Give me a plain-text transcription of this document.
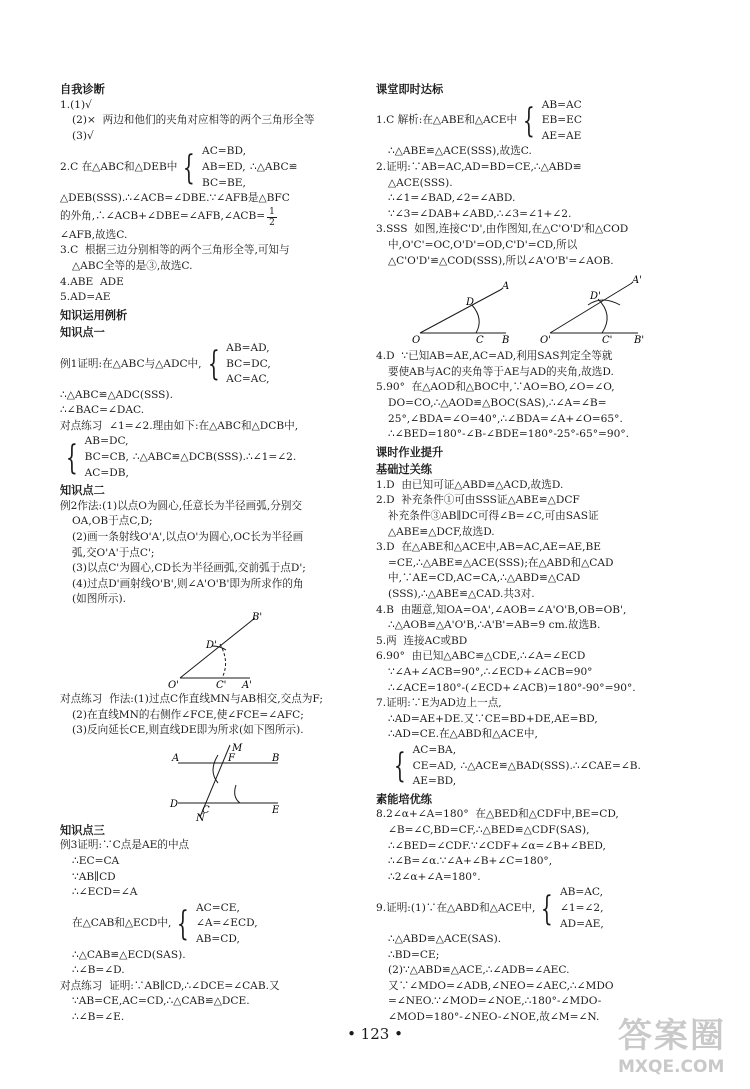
自我诊断
1.(1)√
(2)×  两边和他们的夹角对应相等的两个三角形全等
(3)√
2.C 在△ABC和△DEB中 { AC=BD,
AB=ED,
BC=BE,
∴△ABC≌
△DEB(SSS).∴∠ACB=∠DBE.∵∠AFB是△BFC
的外角,∴∠ACB+∠DBE=∠AFB,∠ACB= $\frac{1}{2}$
∠AFB,故选C.
3.C  根据三边分别相等的两个三角形全等,可知与
△ABC全等的是③,故选C.
4.ABE  ADE
5.AD=AE
知识运用例析
知识点一
例1证明:在△ABC与△ADC中, { AB=AD,
BC=DC,
AC=AC,
∴△ABC≌△ADC(SSS).
∴∠BAC=∠DAC.
对点练习  ∠1=∠2.理由如下:在△ABC和△DCB中,
{ AB=DC,
BC=CB,
AC=DB,
∴△ABC≌△DCB(SSS).∴∠1=∠2.
知识点二
例2作法:(1)以点O为圆心,任意长为半径画弧,分别交
OA,OB于点C,D;
(2)画一条射线O'A',以点O'为圆心,OC长为半径画
弧,交O'A'于点C';
(3)以点C'为圆心,CD长为半径画弧,交前弧于点D';
(4)过点D'画射线O'B',则∠A'O'B'即为所求作的角
(如图所示).
B'
D'
O'	C' A'
对点练习  作法:(1)过点C作直线MN与AB相交,交点为F;
(2)在直线MN的右侧作∠FCE,使∠FCE=∠AFC;
(3)反向延长CE,则直线DE即为所求(如下图所示).
M
A	F	B
D
C	E
N
知识点三
例3证明:∵C点是AE的中点
∴EC=CA
∵AB∥CD
∴∠ECD=∠A
在△CAB和△ECD中, { AC=CE,
∠A=∠ECD,
AB=CD,
∴△CAB≌△ECD(SAS).
∴∠B=∠D.
对点练习  证明:∵AB∥CD,∴∠DCE=∠CAB.又
∵AB=CE,AC=CD,∴△CAB≌△DCE.
∴∠B=∠E.
课堂即时达标
1.C 解析:在△ABE和△ACE中 { AB=AC
EB=EC
AE=AE
∴△ABE≌△ACE(SSS),故选C.
2.证明:∵AB=AC,AD=BD=CE,∴△ABD≌
△ACE(SSS).
∴∠1=∠BAD,∠2=∠ABD.
∵∠3=∠DAB+∠ABD,∴∠3=∠1+∠2.
3.SSS  如图,连接C'D',由作图知,在△C'O'D'和△COD
中,O'C'=OC,O'D'=OD,C'D'=CD,所以
△C'O'D'≌△COD(SSS),所以∠A'O'B'=∠AOB.
A
D
O	C B
A'
D'
O'	C' B'
4.D  ∵已知AB=AE,AC=AD,利用SAS判定全等就
要使AB与AC的夹角等于AE与AD的夹角,故选D.
5.90°  在△AOD和△BOC中,∵AO=BO,∠O=∠O,
DO=CO,∴△AOD≌△BOC(SAS),∴∠A=∠B=
25°,∠BDA=∠O=40°,∴∠BDA=∠A+∠O=65°.
∴∠BED=180°-∠B-∠BDE=180°-25°-65°=90°.
课时作业提升
基础过关练
1.D  由已知可证△ABD≌△ACD,故选D.
2.D  补充条件①可由SSS证△ABE≌△DCF
补充条件③AB∥DC可得∠B=∠C,可由SAS证
△ABE≌△DCF,故选D.
3.D  在△ABE和△ACE中,AB=AC,AE=AE,BE
=CE,∴△ABE≌△ACE(SSS);在△ABD和△CAD
中,∵AE=CD,AC=CA,∴△ABD≌△CAD
(SSS),∴△ABE≌△CAD.共3对.
4.B  由题意,知OA=OA',∠AOB=∠A'O'B,OB=OB',
∴△AOB≌△A'O'B,∴A'B'=AB=9 cm.故选B.
5.两  连接AC或BD
6.90°  由已知△ABC≌△CDE,∴∠A=∠ECD
∵∠A+∠ACB=90°,∴∠ECD+∠ACB=90°
∴∠ACE=180°-(∠ECD+∠ACB)=180°-90°=90°.
7.证明:∵E为AD边上一点,
∴AD=AE+DE.又∵CE=BD+DE,AE=BD,
∴AD=CE.在△ABD和△ACE中,
{ AC=BA,
CE=AD,
AE=BD,
∴△ACE≌△BAD(SSS).∴∠CAE=∠B.
素能培优练
8.2∠α+∠A=180°  在△BED和△CDF中,BE=CD,
∠B=∠C,BD=CF,∴△BED≌△CDF(SAS),
∴∠BED=∠CDF.∵∠CDF+∠α=∠B+∠BED,
∴∠B=∠α.∵∠A+∠B+∠C=180°,
∴2∠α+∠A=180°.
9.证明:(1)∵在△ABD和△ACE中, { AB=AC,
∠1=∠2,
AD=AE,
∴△ABD≌△ACE(SAS).
∴BD=CE;
(2)∵△ABD≌△ACE,∴∠ADB=∠AEC.
又∵∠MDO=∠ADB,∠NEO=∠AEC,∴∠MDO
=∠NEO.∵∠MOD=∠NOE,∴180°-∠MDO-
∠MOD=180°-∠NEO-∠NOE,故∠M=∠N.
• 123 •	答案圈
MXQE.COM
